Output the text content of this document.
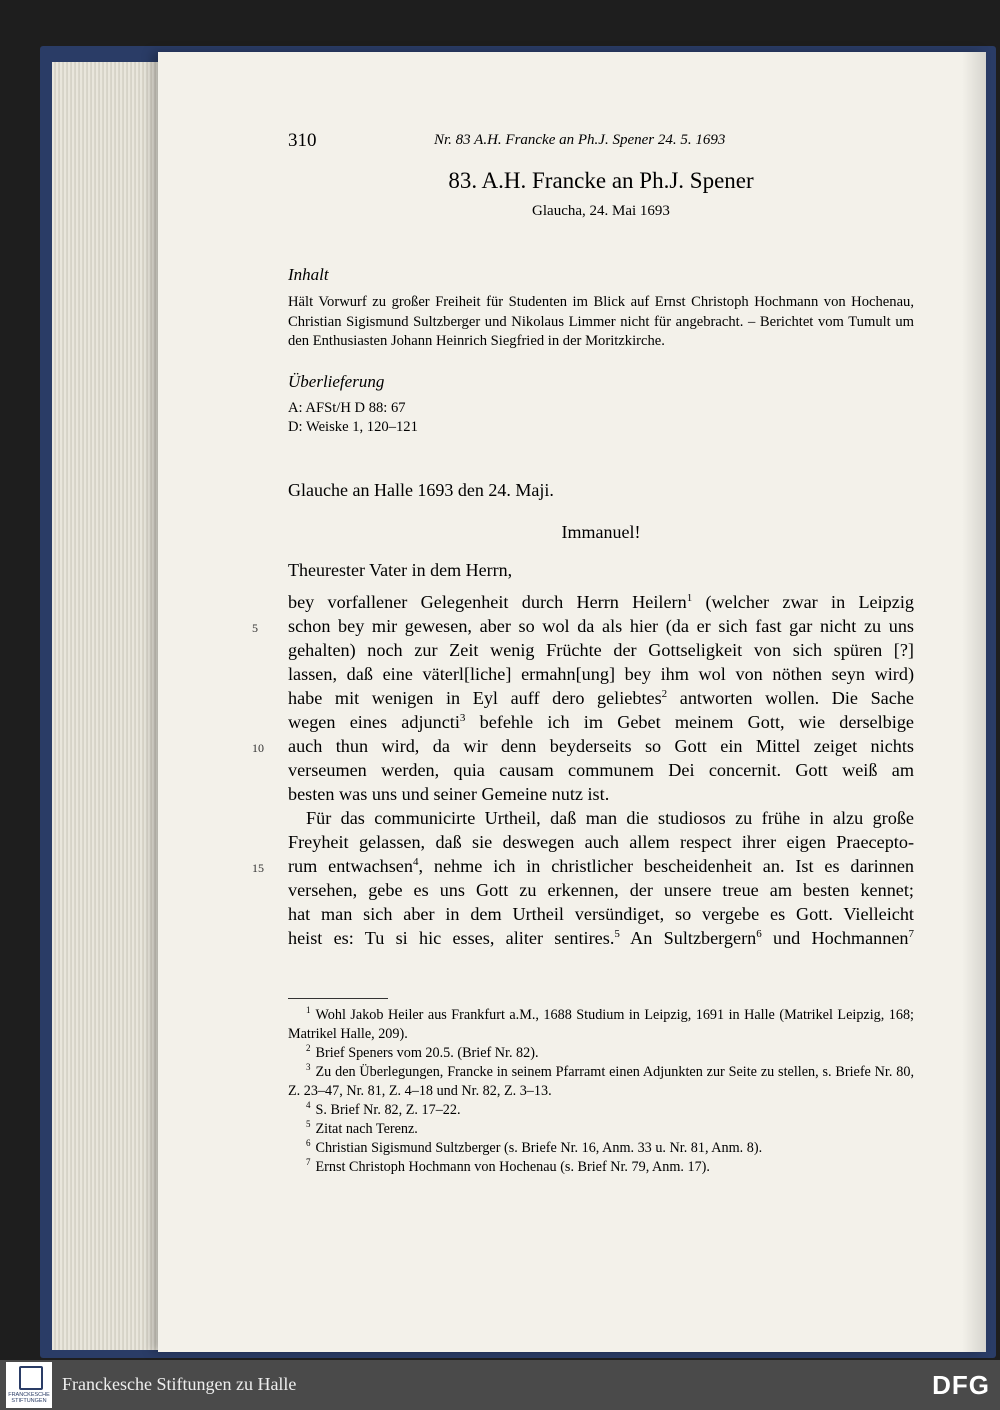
310	Nr. 83 A.H. Francke an Ph.J. Spener 24. 5. 1693
83. A.H. Francke an Ph.J. Spener
Glaucha, 24. Mai 1693
Inhalt
Hält Vorwurf zu großer Freiheit für Studenten im Blick auf Ernst Christoph Hochmann von Hochenau, Christian Sigismund Sultzberger und Nikolaus Limmer nicht für angebracht. – Berichtet vom Tumult um den Enthusiasten Johann Heinrich Siegfried in der Moritzkirche.
Überlieferung
A: AFSt/H D 88: 67
D: Weiske 1, 120–121
Glauche an Halle 1693 den 24. Maji.
Immanuel!
Theurester Vater in dem Herrn,
bey vorfallener Gelegenheit durch Herrn Heilern$^1$ (welcher zwar in Leipzig
schon bey mir gewesen, aber so wol da als hier (da er sich fast gar nicht zu uns
gehalten) noch zur Zeit wenig Früchte der Gottseligkeit von sich spüren [?]
lassen, daß eine väterl[liche] ermahn[ung] bey ihm wol von nöthen seyn wird)
habe mit wenigen in Eyl auff dero geliebtes$^2$ antworten wollen. Die Sache
wegen eines adjuncti$^3$ befehle ich im Gebet meinem Gott, wie derselbige
auch thun wird, da wir denn beyderseits so Gott ein Mittel zeiget nichts
verseumen werden, quia causam communem Dei concernit. Gott weiß am
besten was uns und seiner Gemeine nutz ist.
Für das communicirte Urtheil, daß man die studiosos zu frühe in alzu große
Freyheit gelassen, daß sie deswegen auch allem respect ihrer eigen Praecepto-
rum entwachsen$^4$, nehme ich in christlicher bescheidenheit an. Ist es darinnen
versehen, gebe es uns Gott zu erkennen, der unsere treue am besten kennet;
hat man sich aber in dem Urtheil versündiget, so vergebe es Gott. Vielleicht
heist es: Tu si hic esses, aliter sentires.$^5$ An Sultzbergern$^6$ und Hochmannen$^7$
5
10
15

$^1$ Wohl Jakob Heiler aus Frankfurt a.M., 1688 Studium in Leipzig, 1691 in Halle (Matrikel Leipzig, 168; Matrikel Halle, 209).

$^2$ Brief Speners vom 20.5. (Brief Nr. 82).

$^3$ Zu den Überlegungen, Francke in seinem Pfarramt einen Adjunkten zur Seite zu stellen, s. Briefe Nr. 80, Z. 23–47, Nr. 81, Z. 4–18 und Nr. 82, Z. 3–13.

$^4$ S. Brief Nr. 82, Z. 17–22.

$^5$ Zitat nach Terenz.

$^6$ Christian Sigismund Sultzberger (s. Briefe Nr. 16, Anm. 33 u. Nr. 81, Anm. 8).

$^7$ Ernst Christoph Hochmann von Hochenau (s. Brief Nr. 79, Anm. 17).

FRANCKESCHE STIFTUNGEN
Franckesche Stiftungen zu Halle	DFG
